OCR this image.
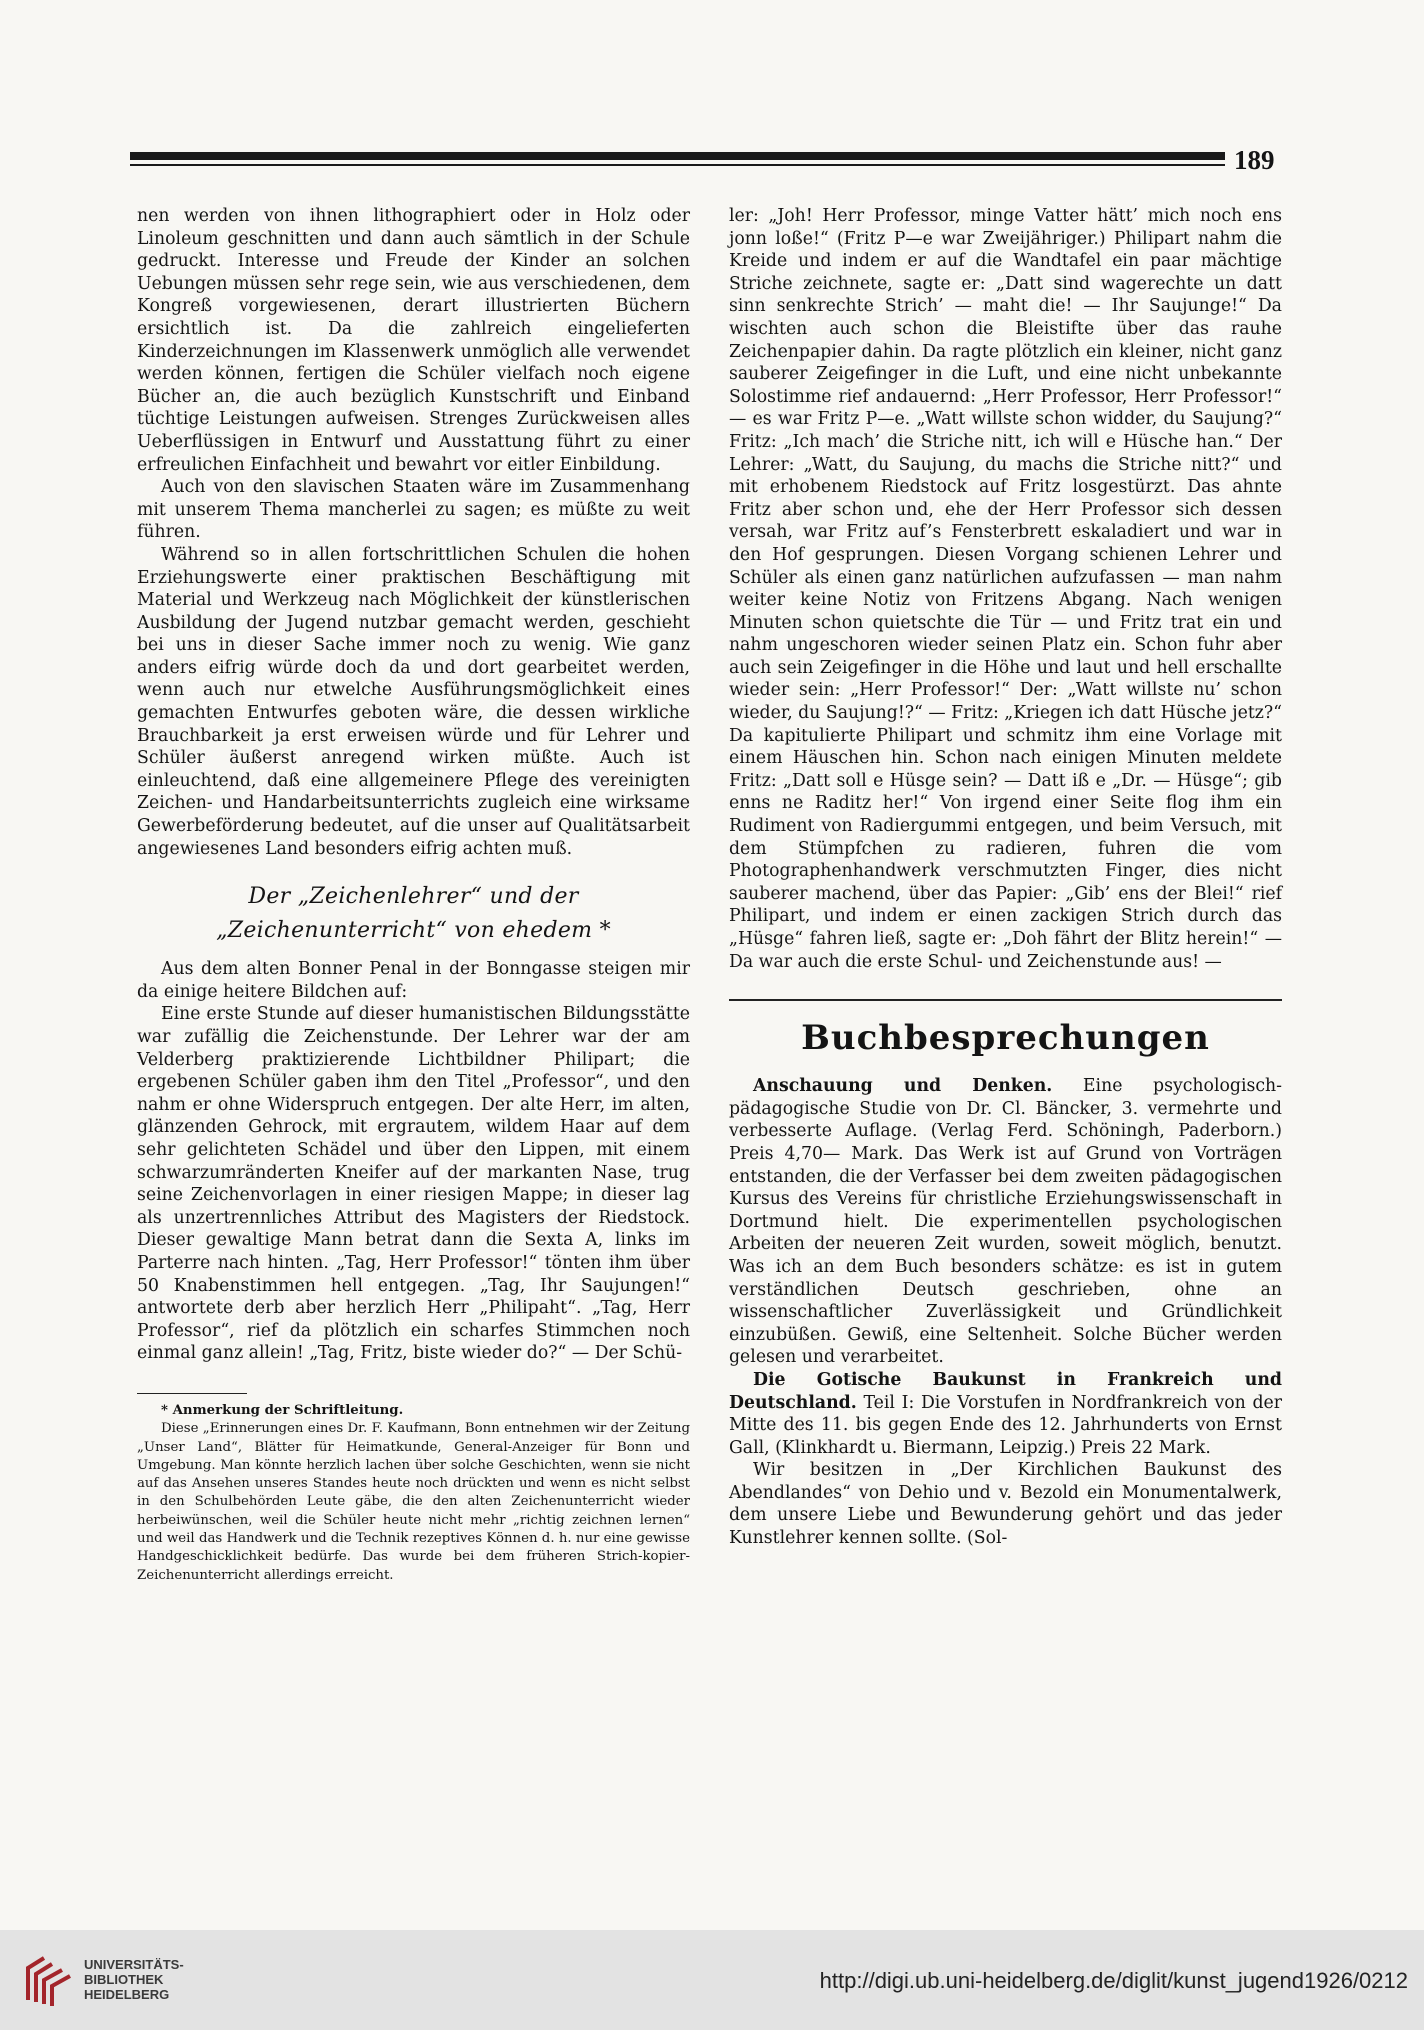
189

nen werden von ihnen lithographiert oder in Holz oder Linoleum geschnitten und dann auch sämtlich in der Schule gedruckt. Interesse und Freude der Kinder an solchen Uebungen müssen sehr rege sein, wie aus verschiedenen, dem Kongreß vorgewiesenen, derart illustrierten Büchern ersichtlich ist. Da die zahlreich eingelieferten Kinderzeichnungen im Klassenwerk unmöglich alle verwendet werden können, fertigen die Schüler vielfach noch eigene Bücher an, die auch bezüglich Kunstschrift und Einband tüchtige Leistungen aufweisen. Strenges Zurückweisen alles Ueberflüssigen in Entwurf und Ausstattung führt zu einer erfreulichen Einfachheit und bewahrt vor eitler Einbildung.

Auch von den slavischen Staaten wäre im Zusammenhang mit unserem Thema mancherlei zu sagen; es müßte zu weit führen.

Während so in allen fortschrittlichen Schulen die hohen Erziehungswerte einer praktischen Beschäftigung mit Material und Werkzeug nach Möglichkeit der künstlerischen Ausbildung der Jugend nutzbar gemacht werden, geschieht bei uns in dieser Sache immer noch zu wenig. Wie ganz anders eifrig würde doch da und dort gearbeitet werden, wenn auch nur etwelche Ausführungsmöglichkeit eines gemachten Entwurfes geboten wäre, die dessen wirkliche Brauchbarkeit ja erst erweisen würde und für Lehrer und Schüler äußerst anregend wirken müßte. Auch ist einleuchtend, daß eine allgemeinere Pflege des vereinigten Zeichen- und Handarbeitsunterrichts zugleich eine wirksame Gewerbeförderung bedeutet, auf die unser auf Qualitätsarbeit angewiesenes Land besonders eifrig achten muß.

Der „Zeichenlehrer“ und der
„Zeichenunterricht“ von ehedem *

Aus dem alten Bonner Penal in der Bonngasse steigen mir da einige heitere Bildchen auf:

Eine erste Stunde auf dieser humanistischen Bildungsstätte war zufällig die Zeichenstunde. Der Lehrer war der am Velderberg praktizierende Lichtbildner Philipart; die ergebenen Schüler gaben ihm den Titel „Professor“, und den nahm er ohne Widerspruch entgegen. Der alte Herr, im alten, glänzenden Gehrock, mit ergrautem, wildem Haar auf dem sehr gelichteten Schädel und über den Lippen, mit einem schwarzumränderten Kneifer auf der markanten Nase, trug seine Zeichenvorlagen in einer riesigen Mappe; in dieser lag als unzertrennliches Attribut des Magisters der Riedstock. Dieser gewaltige Mann betrat dann die Sexta A, links im Parterre nach hinten. „Tag, Herr Professor!“ tönten ihm über 50 Knabenstimmen hell entgegen. „Tag, Ihr Saujungen!“ antwortete derb aber herzlich Herr „Philipaht“. „Tag, Herr Professor“, rief da plötzlich ein scharfes Stimmchen noch einmal ganz allein! „Tag, Fritz, biste wieder do?“ — Der Schü-

* Anmerkung der Schriftleitung.

Diese „Erinnerungen eines Dr. F. Kaufmann, Bonn entnehmen wir der Zeitung „Unser Land“, Blätter für Heimatkunde, General-Anzeiger für Bonn und Umgebung. Man könnte herzlich lachen über solche Geschichten, wenn sie nicht auf das Ansehen unseres Standes heute noch drückten und wenn es nicht selbst in den Schulbehörden Leute gäbe, die den alten Zeichenunterricht wieder herbeiwünschen, weil die Schüler heute nicht mehr „richtig zeichnen lernen“ und weil das Handwerk und die Technik rezeptives Können d. h. nur eine gewisse Handgeschicklichkeit bedürfe. Das wurde bei dem früheren Strich-kopier-Zeichenunterricht allerdings erreicht.

ler: „Joh! Herr Professor, minge Vatter hätt’ mich noch ens jonn loße!“ (Fritz P—e war Zweijähriger.) Philipart nahm die Kreide und indem er auf die Wandtafel ein paar mächtige Striche zeichnete, sagte er: „Datt sind wagerechte un datt sinn senkrechte Strich’ — maht die! — Ihr Saujunge!“ Da wischten auch schon die Bleistifte über das rauhe Zeichenpapier dahin. Da ragte plötzlich ein kleiner, nicht ganz sauberer Zeigefinger in die Luft, und eine nicht unbekannte Solostimme rief andauernd: „Herr Professor, Herr Professor!“ — es war Fritz P—e. „Watt willste schon widder, du Saujung?“ Fritz: „Ich mach’ die Striche nitt, ich will e Hüsche han.“ Der Lehrer: „Watt, du Saujung, du machs die Striche nitt?“ und mit erhobenem Riedstock auf Fritz losgestürzt. Das ahnte Fritz aber schon und, ehe der Herr Professor sich dessen versah, war Fritz auf’s Fensterbrett eskaladiert und war in den Hof gesprungen. Diesen Vorgang schienen Lehrer und Schüler als einen ganz natürlichen aufzufassen — man nahm weiter keine Notiz von Fritzens Abgang. Nach wenigen Minuten schon quietschte die Tür — und Fritz trat ein und nahm ungeschoren wieder seinen Platz ein. Schon fuhr aber auch sein Zeigefinger in die Höhe und laut und hell erschallte wieder sein: „Herr Professor!“ Der: „Watt willste nu’ schon wieder, du Saujung!?“ — Fritz: „Kriegen ich datt Hüsche jetz?“ Da kapitulierte Philipart und schmitz ihm eine Vorlage mit einem Häuschen hin. Schon nach einigen Minuten meldete Fritz: „Datt soll e Hüsge sein? — Datt iß e „Dr. — Hüsge“; gib enns ne Raditz her!“ Von irgend einer Seite flog ihm ein Rudiment von Radiergummi entgegen, und beim Versuch, mit dem Stümpfchen zu radieren, fuhren die vom Photographenhandwerk verschmutzten Finger, dies nicht sauberer machend, über das Papier: „Gib’ ens der Blei!“ rief Philipart, und indem er einen zackigen Strich durch das „Hüsge“ fahren ließ, sagte er: „Doh fährt der Blitz herein!“ — Da war auch die erste Schul- und Zeichenstunde aus! —

Buchbesprechungen

Anschauung und Denken. Eine psychologisch-pädagogische Studie von Dr. Cl. Bäncker, 3. vermehrte und verbesserte Auflage. (Verlag Ferd. Schöningh, Paderborn.) Preis 4,70— Mark. Das Werk ist auf Grund von Vorträgen entstanden, die der Verfasser bei dem zweiten pädagogischen Kursus des Vereins für christliche Erziehungswissenschaft in Dortmund hielt. Die experimentellen psychologischen Arbeiten der neueren Zeit wurden, soweit möglich, benutzt. Was ich an dem Buch besonders schätze: es ist in gutem verständlichen Deutsch geschrieben, ohne an wissenschaftlicher Zuverlässigkeit und Gründlichkeit einzubüßen. Gewiß, eine Seltenheit. Solche Bücher werden gelesen und verarbeitet.

Die Gotische Baukunst in Frankreich und Deutschland. Teil I: Die Vorstufen in Nordfrankreich von der Mitte des 11. bis gegen Ende des 12. Jahrhunderts von Ernst Gall, (Klinkhardt u. Biermann, Leipzig.) Preis 22 Mark.

Wir besitzen in „Der Kirchlichen Baukunst des Abendlandes“ von Dehio und v. Bezold ein Monumentalwerk, dem unsere Liebe und Bewunderung gehört und das jeder Kunstlehrer kennen sollte. (Sol-

UNIVERSITÄTS-
BIBLIOTHEK
HEIDELBERG
http://digi.ub.uni-heidelberg.de/diglit/kunst_jugend1926/0212
